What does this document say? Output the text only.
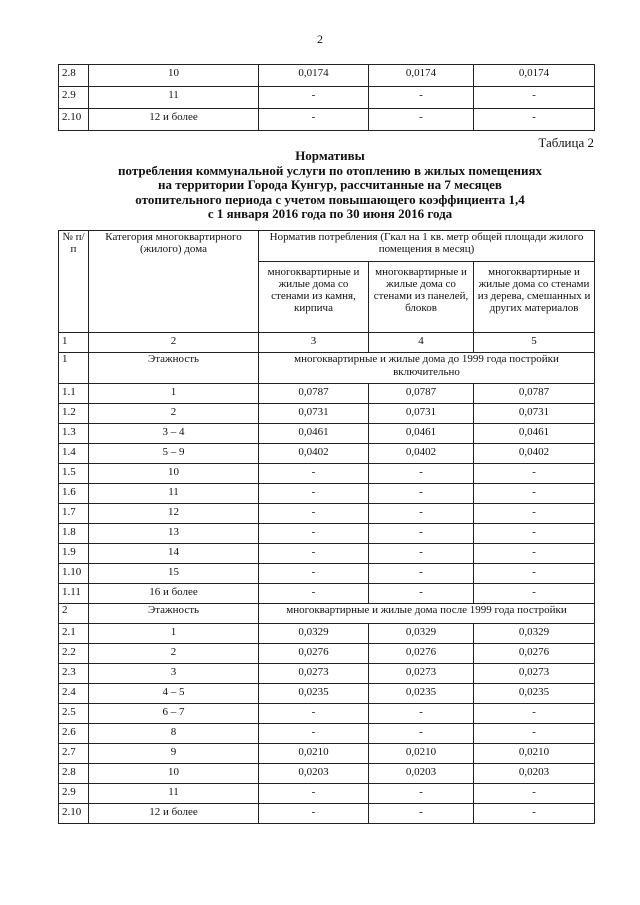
2
2.8	10	0,0174	0,0174	0,0174
2.9	11	-	-	-
2.10	12 и более	-	-	-
Таблица 2
Нормативы
потребления коммунальной услуги по отоплению в жилых помещениях
на территории Города Кунгур, рассчитанные на 7 месяцев
отопительного периода с учетом повышающего коэффициента 1,4
с 1 января 2016 года по 30 июня 2016 года
№ п/п	Категория многоквартирного (жилого) дома	Норматив потребления (Гкал на 1 кв. метр общей площади жилого помещения в месяц)		
		многоквартирные и жилые дома со стенами из камня, кирпича	многоквартирные и жилые дома со стенами из панелей, блоков	многоквартирные и жилые дома со стенами из дерева, смешанных и других материалов
1	2	3	4	5
1	Этажность	многоквартирные и жилые дома до 1999 года постройки включительно		
1.1	1	0,0787	0,0787	0,0787
1.2	2	0,0731	0,0731	0,0731
1.3	3 – 4	0,0461	0,0461	0,0461
1.4	5 – 9	0,0402	0,0402	0,0402
1.5	10	-	-	-
1.6	11	-	-	-
1.7	12	-	-	-
1.8	13	-	-	-
1.9	14	-	-	-
1.10	15	-	-	-
1.11	16 и более	-	-	-
2	Этажность	многоквартирные и жилые дома после 1999 года постройки		
2.1	1	0,0329	0,0329	0,0329
2.2	2	0,0276	0,0276	0,0276
2.3	3	0,0273	0,0273	0,0273
2.4	4 – 5	0,0235	0,0235	0,0235
2.5	6 – 7	-	-	-
2.6	8	-	-	-
2.7	9	0,0210	0,0210	0,0210
2.8	10	0,0203	0,0203	0,0203
2.9	11	-	-	-
2.10	12 и более	-	-	-
